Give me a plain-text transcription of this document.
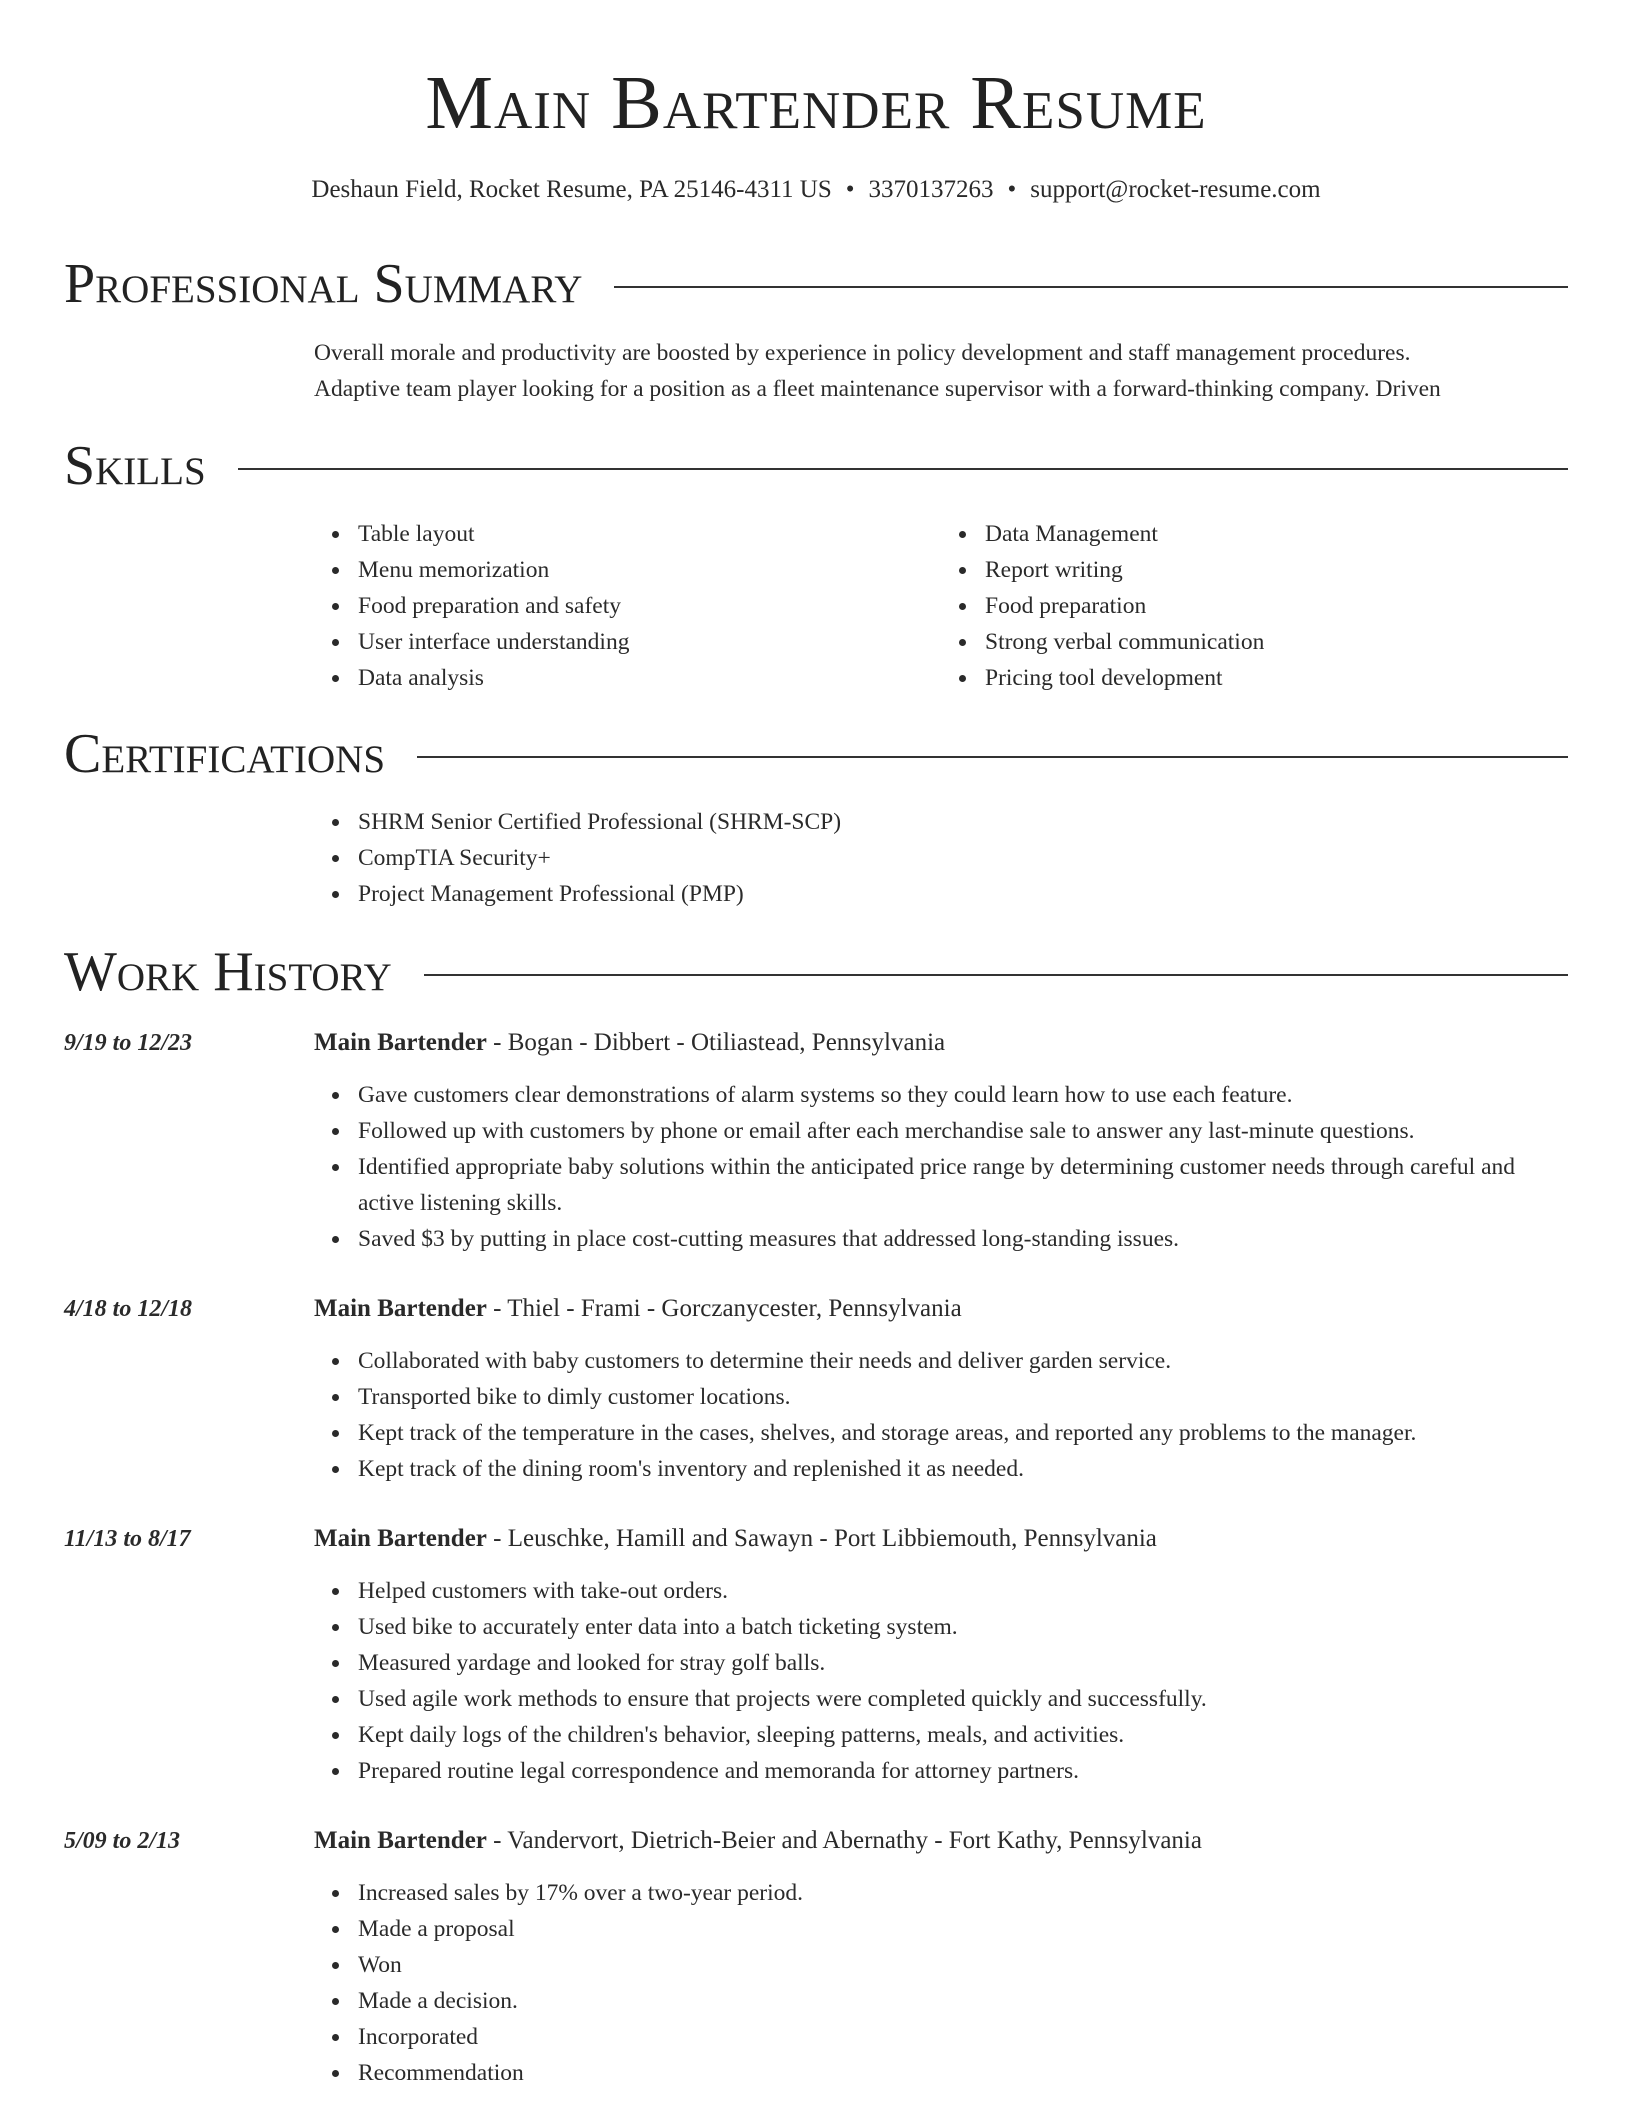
Main Bartender Resume
Deshaun Field, Rocket Resume, PA 25146-4311 US • 3370137263 • support@rocket-resume.com
Professional Summary

Overall morale and productivity are boosted by experience in policy development and staff management procedures.

Adaptive team player looking for a position as a fleet maintenance supervisor with a forward-thinking company. Driven

Skills
Table layout
Menu memorization
Food preparation and safety
User interface understanding
Data analysis
Data Management
Report writing
Food preparation
Strong verbal communication
Pricing tool development
Certifications
SHRM Senior Certified Professional (SHRM-SCP)
CompTIA Security+
Project Management Professional (PMP)
Work History
9/19 to 12/23	Main Bartender - Bogan - Dibbert - Otiliastead, Pennsylvania
Gave customers clear demonstrations of alarm systems so they could learn how to use each feature.
Followed up with customers by phone or email after each merchandise sale to answer any last-minute questions.
Identified appropriate baby solutions within the anticipated price range by determining customer needs through careful and active listening skills.
Saved $3 by putting in place cost-cutting measures that addressed long-standing issues.
4/18 to 12/18	Main Bartender - Thiel - Frami - Gorczanycester, Pennsylvania
Collaborated with baby customers to determine their needs and deliver garden service.
Transported bike to dimly customer locations.
Kept track of the temperature in the cases, shelves, and storage areas, and reported any problems to the manager.
Kept track of the dining room's inventory and replenished it as needed.
11/13 to 8/17	Main Bartender - Leuschke, Hamill and Sawayn - Port Libbiemouth, Pennsylvania
Helped customers with take-out orders.
Used bike to accurately enter data into a batch ticketing system.
Measured yardage and looked for stray golf balls.
Used agile work methods to ensure that projects were completed quickly and successfully.
Kept daily logs of the children's behavior, sleeping patterns, meals, and activities.
Prepared routine legal correspondence and memoranda for attorney partners.
5/09 to 2/13	Main Bartender - Vandervort, Dietrich-Beier and Abernathy - Fort Kathy, Pennsylvania
Increased sales by 17% over a two-year period.
Made a proposal
Won
Made a decision.
Incorporated
Recommendation
